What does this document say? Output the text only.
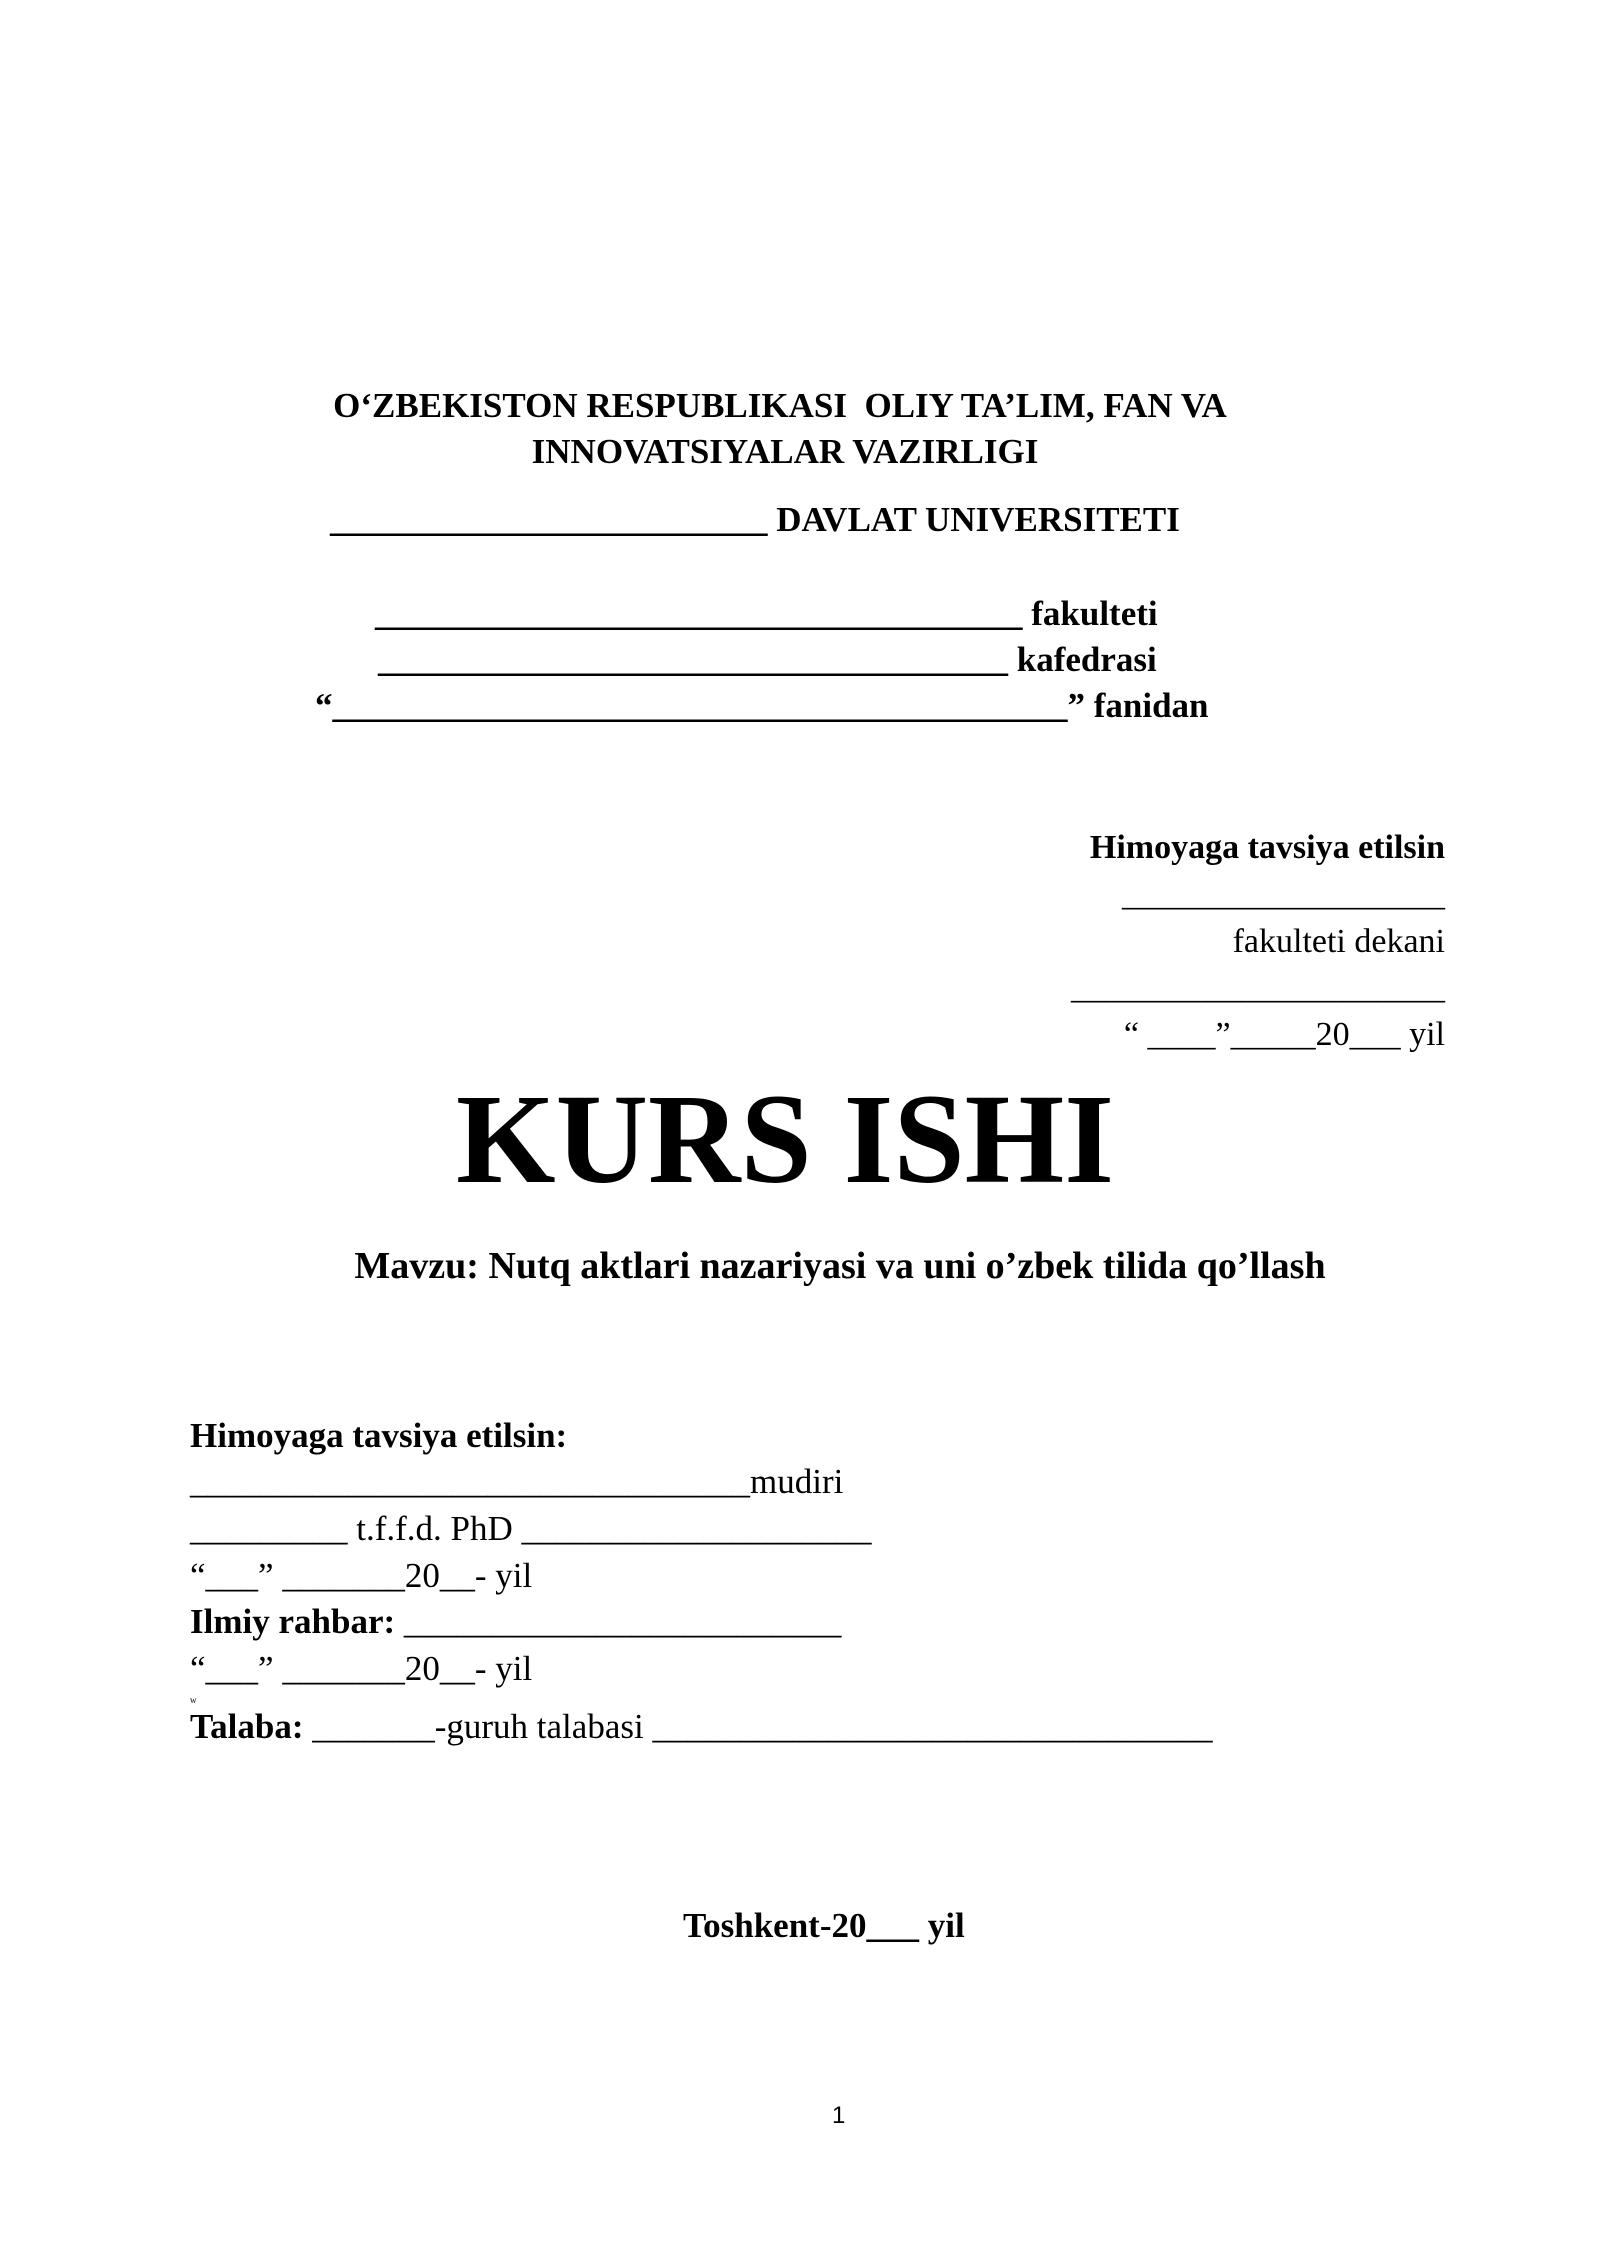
O‘ZBEKISTON RESPUBLIKASI  OLIY TA’LIM, FAN VA
INNOVATSIYALAR VAZIRLIGI
_________________________ DAVLAT UNIVERSITETI
_____________________________________ fakulteti
____________________________________ kafedrasi
“__________________________________________” fanidan
Himoyaga tavsiya etilsin
___________________
fakulteti dekani
______________________
“ ____”_____20___ yil
KURS ISHI
Mavzu: Nutq aktlari nazariyasi va uni o’zbek tilida qo’llash
Himoyaga tavsiya etilsin:
________________________________mudiri
_________ t.f.f.d. PhD ____________________
“___” _______20__- yil
Ilmiy rahbar: _________________________
“___” _______20__- yil
w
Talaba: _______-guruh talabasi ________________________________
Toshkent-20___ yil
1
